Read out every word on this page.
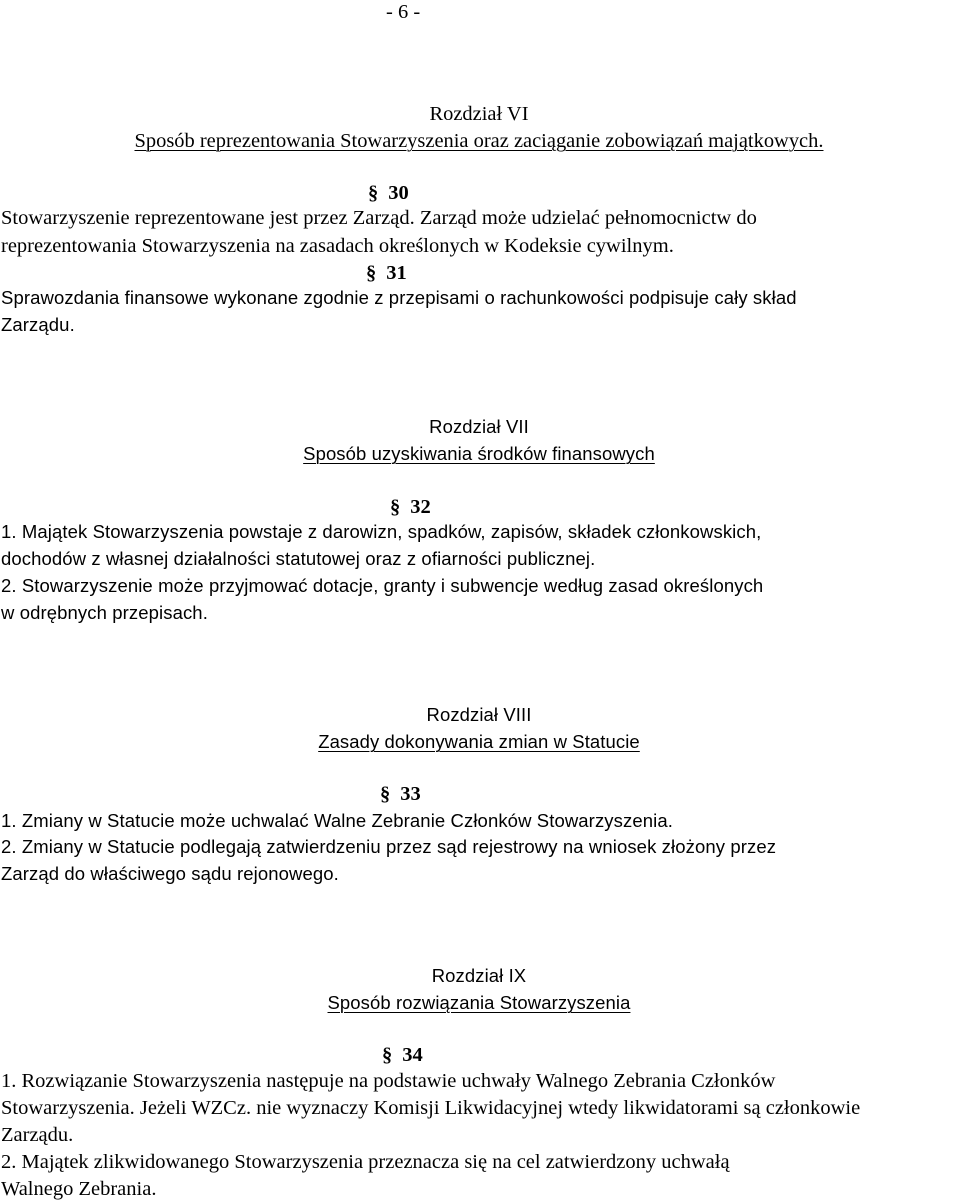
- 6 -
Rozdział VI
Sposób reprezentowania Stowarzyszenia oraz zaciąganie zobowiązań majątkowych.
§ 30
Stowarzyszenie reprezentowane jest przez Zarząd. Zarząd może udzielać pełnomocnictw do
reprezentowania Stowarzyszenia na zasadach określonych w Kodeksie cywilnym.
§ 31
Sprawozdania finansowe wykonane zgodnie z przepisami o rachunkowości podpisuje cały skład
Zarządu.
Rozdział VII
Sposób uzyskiwania środków finansowych
§ 32
1. Majątek Stowarzyszenia powstaje z darowizn, spadków, zapisów, składek członkowskich,
dochodów z własnej działalności statutowej oraz z ofiarności publicznej.
2. Stowarzyszenie może przyjmować dotacje, granty i subwencje według zasad określonych
w odrębnych przepisach.
Rozdział VIII
Zasady dokonywania zmian w Statucie
§ 33
1. Zmiany w Statucie może uchwalać Walne Zebranie Członków Stowarzyszenia.
2. Zmiany w Statucie podlegają zatwierdzeniu przez sąd rejestrowy na wniosek złożony przez
Zarząd do właściwego sądu rejonowego.
Rozdział IX
Sposób rozwiązania Stowarzyszenia
§ 34
1. Rozwiązanie Stowarzyszenia następuje na podstawie uchwały Walnego Zebrania Członków
Stowarzyszenia. Jeżeli WZCz. nie wyznaczy Komisji Likwidacyjnej wtedy likwidatorami są członkowie
Zarządu.
2. Majątek zlikwidowanego Stowarzyszenia przeznacza się na cel zatwierdzony uchwałą
Walnego Zebrania.
